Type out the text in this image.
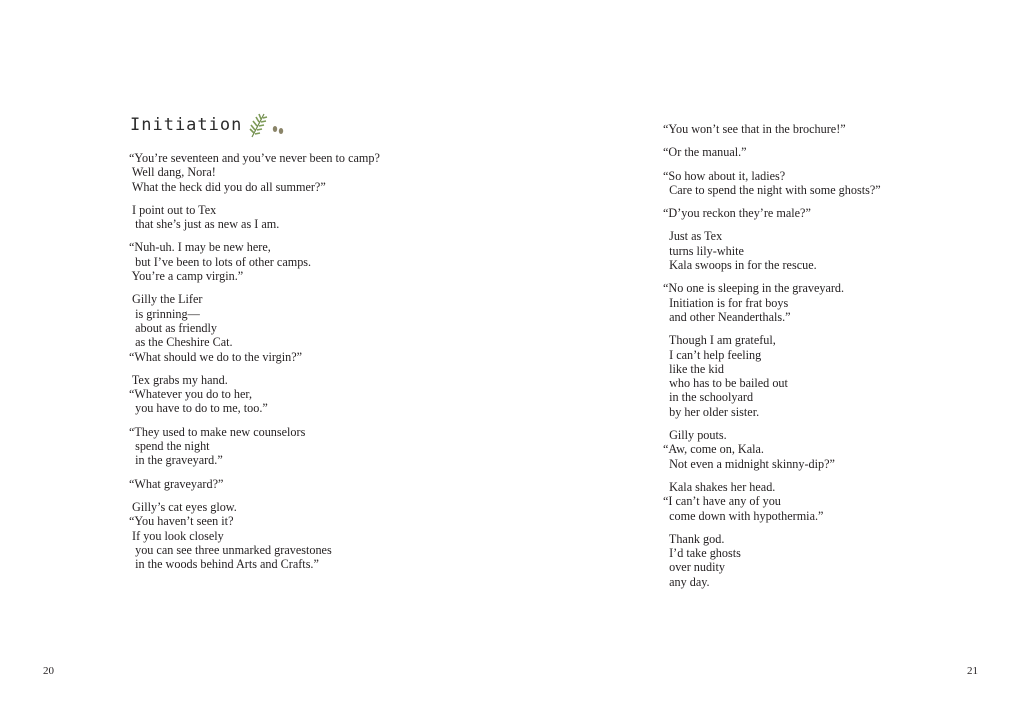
Initiation
“You’re seventeen and you’ve never been to camp?
Well dang, Nora!
What the heck did you do all summer?”
I point out to Tex
that she’s just as new as I am.
“Nuh-uh. I may be new here,
but I’ve been to lots of other camps.
You’re a camp virgin.”
Gilly the Lifer
is grinning—
about as friendly
as the Cheshire Cat.
“What should we do to the virgin?”
Tex grabs my hand.
“Whatever you do to her,
you have to do to me, too.”
“They used to make new counselors
spend the night
in the graveyard.”
“What graveyard?”
Gilly’s cat eyes glow.
“You haven’t seen it?
If you look closely
you can see three unmarked gravestones
in the woods behind Arts and Crafts.”
20
“You won’t see that in the brochure!”
“Or the manual.”
“So how about it, ladies?
Care to spend the night with some ghosts?”
“D’you reckon they’re male?”
Just as Tex
turns lily-white
Kala swoops in for the rescue.
“No one is sleeping in the graveyard.
Initiation is for frat boys
and other Neanderthals.”
Though I am grateful,
I can’t help feeling
like the kid
who has to be bailed out
in the schoolyard
by her older sister.
Gilly pouts.
“Aw, come on, Kala.
Not even a midnight skinny-dip?”
Kala shakes her head.
“I can’t have any of you
come down with hypothermia.”
Thank god.
I’d take ghosts
over nudity
any day.
21
